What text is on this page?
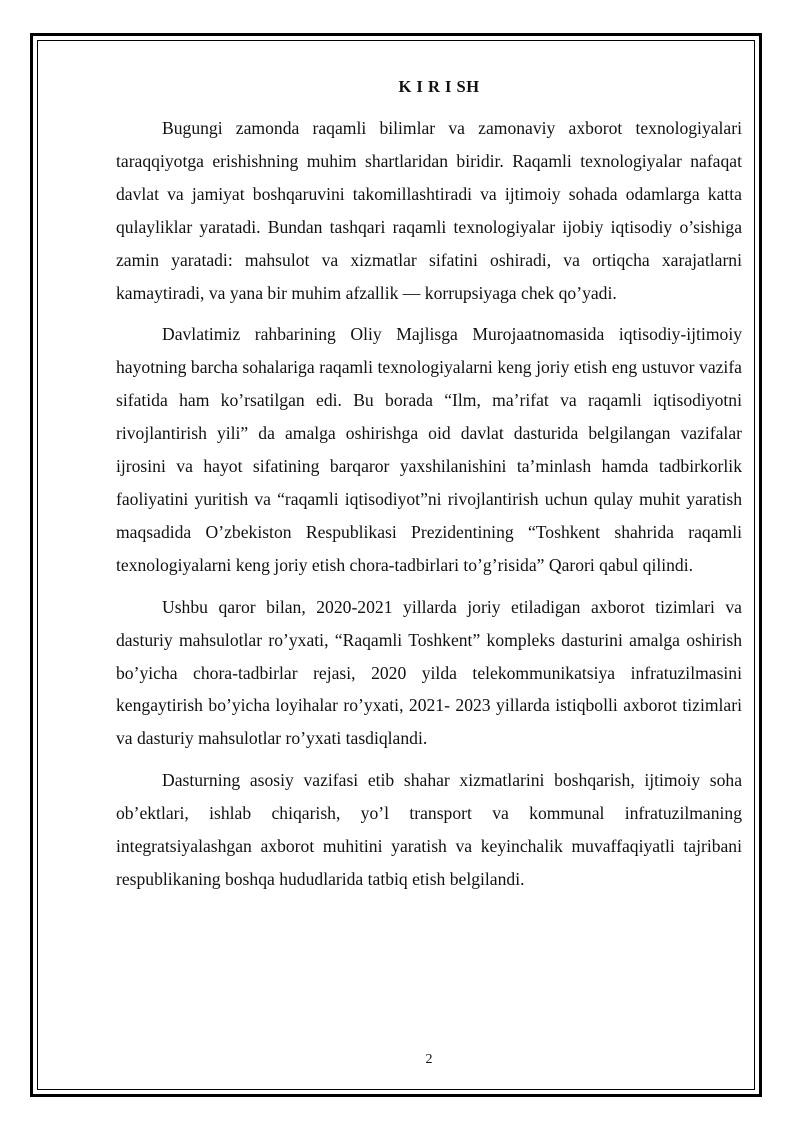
K I R I SH

Bugungi zamonda raqamli bilimlar va zamonaviy axborot texnologiyalari taraqqiyotga erishishning muhim shartlaridan biridir. Raqamli texnologiyalar nafaqat davlat va jamiyat boshqaruvini takomillashtiradi va ijtimoiy sohada odamlarga katta qulayliklar yaratadi. Bundan tashqari raqamli texnologiyalar ijobiy iqtisodiy o’sishiga zamin yaratadi: mahsulot va xizmatlar sifatini oshiradi, va ortiqcha xarajatlarni kamaytiradi, va yana bir muhim afzallik — korrupsiyaga chek qo’yadi.

Davlatimiz rahbarining Oliy Majlisga Murojaatnomasida iqtisodiy-ijtimoiy hayotning barcha sohalariga raqamli texnologiyalarni keng joriy etish eng ustuvor vazifa sifatida ham ko’rsatilgan edi. Bu borada “Ilm, ma’rifat va raqamli iqtisodiyotni rivojlantirish yili” da amalga oshirishga oid davlat dasturida belgilangan vazifalar ijrosini va hayot sifatining barqaror yaxshilanishini ta’minlash hamda tadbirkorlik faoliyatini yuritish va “raqamli iqtisodiyot”ni rivojlantirish uchun qulay muhit yaratish maqsadida O’zbekiston Respublikasi Prezidentining “Toshkent shahrida raqamli texnologiyalarni keng joriy etish chora-tadbirlari to’g’risida” Qarori qabul qilindi.

Ushbu qaror bilan, 2020-2021 yillarda joriy etiladigan axborot tizimlari va dasturiy mahsulotlar ro’yxati, “Raqamli Toshkent” kompleks dasturini amalga oshirish bo’yicha chora-tadbirlar rejasi, 2020 yilda telekommunikatsiya infratuzilmasini kengaytirish bo’yicha loyihalar ro’yxati, 2021- 2023 yillarda istiqbolli axborot tizimlari va dasturiy mahsulotlar ro’yxati tasdiqlandi.

Dasturning asosiy vazifasi etib shahar xizmatlarini boshqarish, ijtimoiy soha ob’ektlari, ishlab chiqarish, yo’l transport va kommunal infratuzilmaning integratsiyalashgan axborot muhitini yaratish va keyinchalik muvaffaqiyatli tajribani respublikaning boshqa hududlarida tatbiq etish belgilandi.

2
